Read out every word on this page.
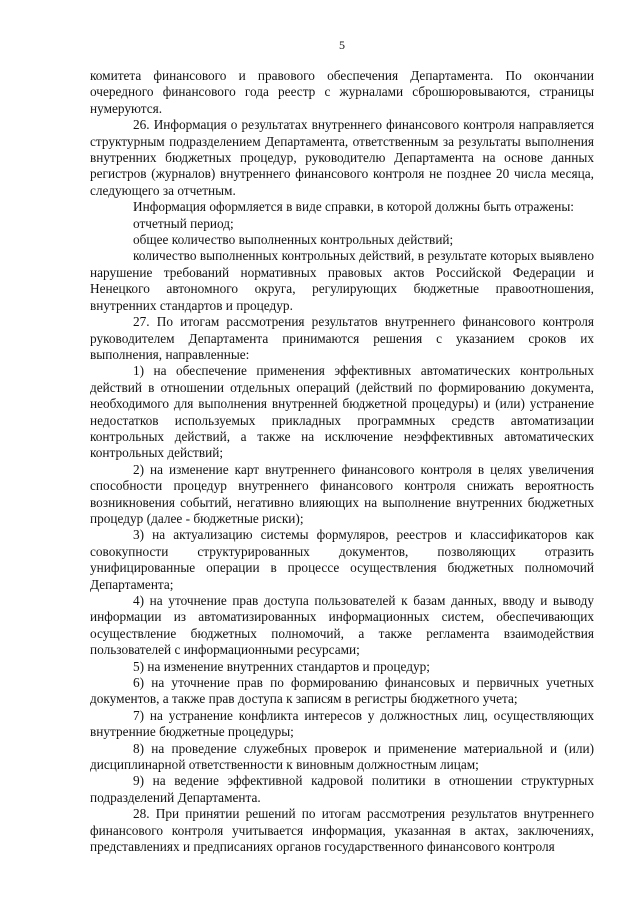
5

комитета финансового и правового обеспечения Департамента. По окончании очередного финансового года реестр с журналами сброшюровываются, страницы нумеруются.

26. Информация о результатах внутреннего финансового контроля направляется структурным подразделением Департамента, ответственным за результаты выполнения внутренних бюджетных процедур, руководителю Департамента на основе данных регистров (журналов) внутреннего финансового контроля не позднее 20 числа месяца, следующего за отчетным.

Информация оформляется в виде справки, в которой должны быть отражены:

отчетный период;

общее количество выполненных контрольных действий;

количество выполненных контрольных действий, в результате которых выявлено нарушение требований нормативных правовых актов Российской Федерации и Ненецкого автономного округа, регулирующих бюджетные правоотношения, внутренних стандартов и процедур.

27. По итогам рассмотрения результатов внутреннего финансового контроля руководителем Департамента принимаются решения с указанием сроков их выполнения, направленные:

1) на обеспечение применения эффективных автоматических контрольных действий в отношении отдельных операций (действий по формированию документа, необходимого для выполнения внутренней бюджетной процедуры) и (или) устранение недостатков используемых прикладных программных средств автоматизации контрольных действий, а также на исключение неэффективных автоматических контрольных действий;

2) на изменение карт внутреннего финансового контроля в целях увеличения способности процедур внутреннего финансового контроля снижать вероятность возникновения событий, негативно влияющих на выполнение внутренних бюджетных процедур (далее - бюджетные риски);

3) на актуализацию системы формуляров, реестров и классификаторов как совокупности структурированных документов, позволяющих отразить унифицированные операции в процессе осуществления бюджетных полномочий Департамента;

4) на уточнение прав доступа пользователей к базам данных, вводу и выводу информации из автоматизированных информационных систем, обеспечивающих осуществление бюджетных полномочий, а также регламента взаимодействия пользователей с информационными ресурсами;

5) на изменение внутренних стандартов и процедур;

6) на уточнение прав по формированию финансовых и первичных учетных документов, а также прав доступа к записям в регистры бюджетного учета;

7) на устранение конфликта интересов у должностных лиц, осуществляющих внутренние бюджетные процедуры;

8) на проведение служебных проверок и применение материальной и (или) дисциплинарной ответственности к виновным должностным лицам;

9) на ведение эффективной кадровой политики в отношении структурных подразделений Департамента.

28. При принятии решений по итогам рассмотрения результатов внутреннего финансового контроля учитывается информация, указанная в актах, заключениях, представлениях и предписаниях органов государственного финансового контроля
